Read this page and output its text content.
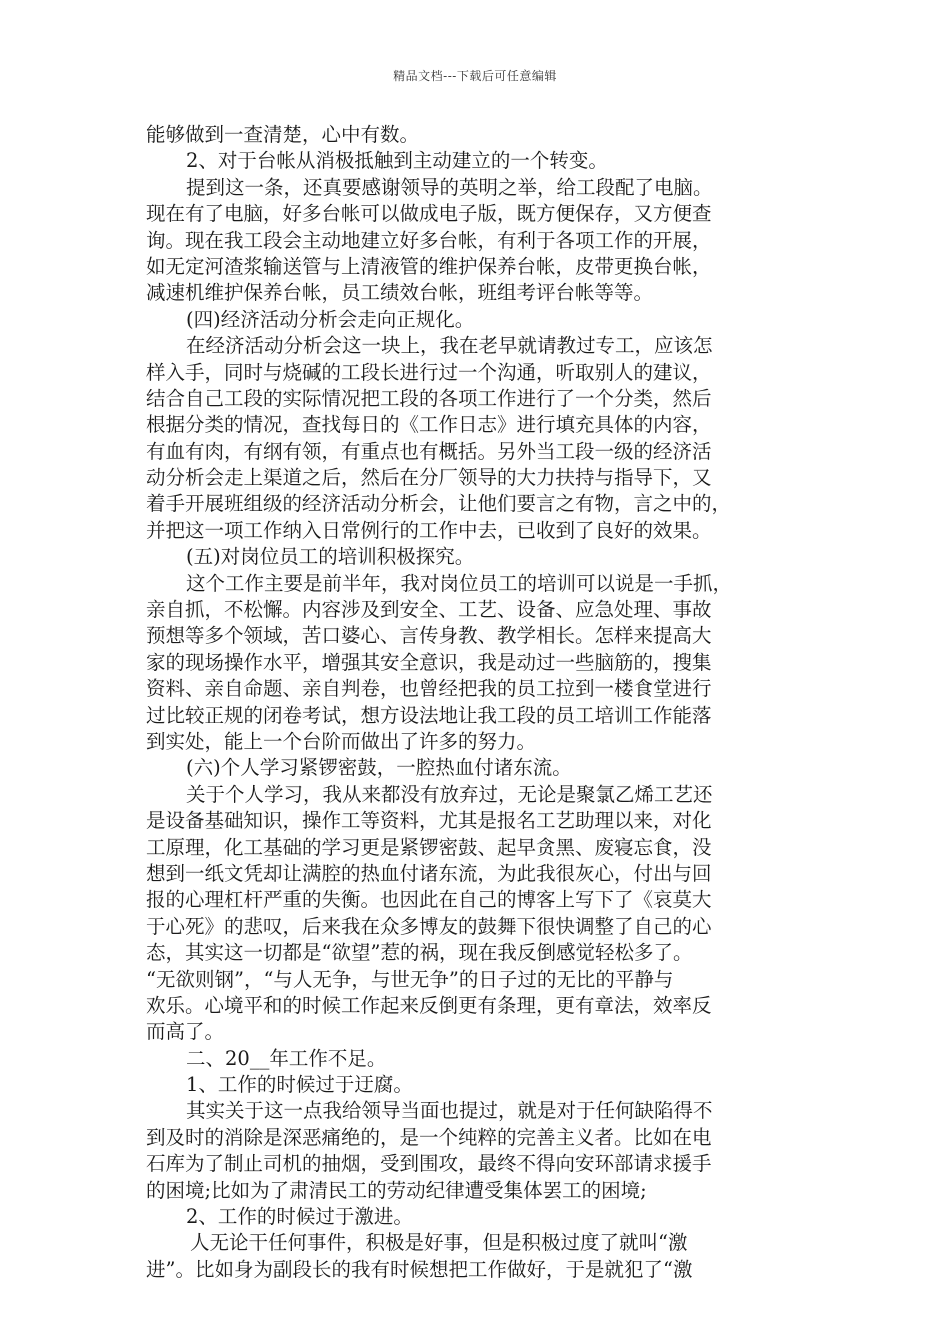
精品文档---下载后可任意编辑
能够做到一查清楚，心中有数。
2、对于台帐从消极抵触到主动建立的一个转变。
提到这一条，还真要感谢领导的英明之举，给工段配了电脑。
现在有了电脑，好多台帐可以做成电子版，既方便保存，又方便查
询。现在我工段会主动地建立好多台帐，有利于各项工作的开展，
如无定河渣浆输送管与上清液管的维护保养台帐，皮带更换台帐，
减速机维护保养台帐，员工绩效台帐，班组考评台帐等等。
(四)经济活动分析会走向正规化。
在经济活动分析会这一块上，我在老早就请教过专工，应该怎
样入手，同时与烧碱的工段长进行过一个沟通，听取别人的建议，
结合自己工段的实际情况把工段的各项工作进行了一个分类，然后
根据分类的情况，查找每日的《工作日志》进行填充具体的内容，
有血有肉，有纲有领，有重点也有概括。另外当工段一级的经济活
动分析会走上渠道之后，然后在分厂领导的大力扶持与指导下，又
着手开展班组级的经济活动分析会，让他们要言之有物，言之中的，
并把这一项工作纳入日常例行的工作中去，已收到了良好的效果。
(五)对岗位员工的培训积极探究。
这个工作主要是前半年，我对岗位员工的培训可以说是一手抓，
亲自抓，不松懈。内容涉及到安全、工艺、设备、应急处理、事故
预想等多个领域，苦口婆心、言传身教、教学相长。怎样来提高大
家的现场操作水平，增强其安全意识，我是动过一些脑筋的，搜集
资料、亲自命题、亲自判卷，也曾经把我的员工拉到一楼食堂进行
过比较正规的闭卷考试，想方设法地让我工段的员工培训工作能落
到实处，能上一个台阶而做出了许多的努力。
(六)个人学习紧锣密鼓，一腔热血付诸东流。
关于个人学习，我从来都没有放弃过，无论是聚氯乙烯工艺还
是设备基础知识，操作工等资料，尤其是报名工艺助理以来，对化
工原理，化工基础的学习更是紧锣密鼓、起早贪黑、废寝忘食，没
想到一纸文凭却让满腔的热血付诸东流，为此我很灰心，付出与回
报的心理杠杆严重的失衡。也因此在自己的博客上写下了《哀莫大
于心死》的悲叹，后来我在众多博友的鼓舞下很快调整了自己的心
态，其实这一切都是“欲望”惹的祸，现在我反倒感觉轻松多了。
“无欲则钢”，“与人无争，与世无争”的日子过的无比的平静与
欢乐。心境平和的时候工作起来反倒更有条理，更有章法，效率反
而高了。
二、20__年工作不足。
1、工作的时候过于迂腐。
其实关于这一点我给领导当面也提过，就是对于任何缺陷得不
到及时的消除是深恶痛绝的，是一个纯粹的完善主义者。比如在电
石库为了制止司机的抽烟，受到围攻，最终不得向安环部请求援手
的困境;比如为了肃清民工的劳动纪律遭受集体罢工的困境;
2、工作的时候过于激进。
人无论干任何事件，积极是好事，但是积极过度了就叫“激
进”。比如身为副段长的我有时候想把工作做好，于是就犯了“激
